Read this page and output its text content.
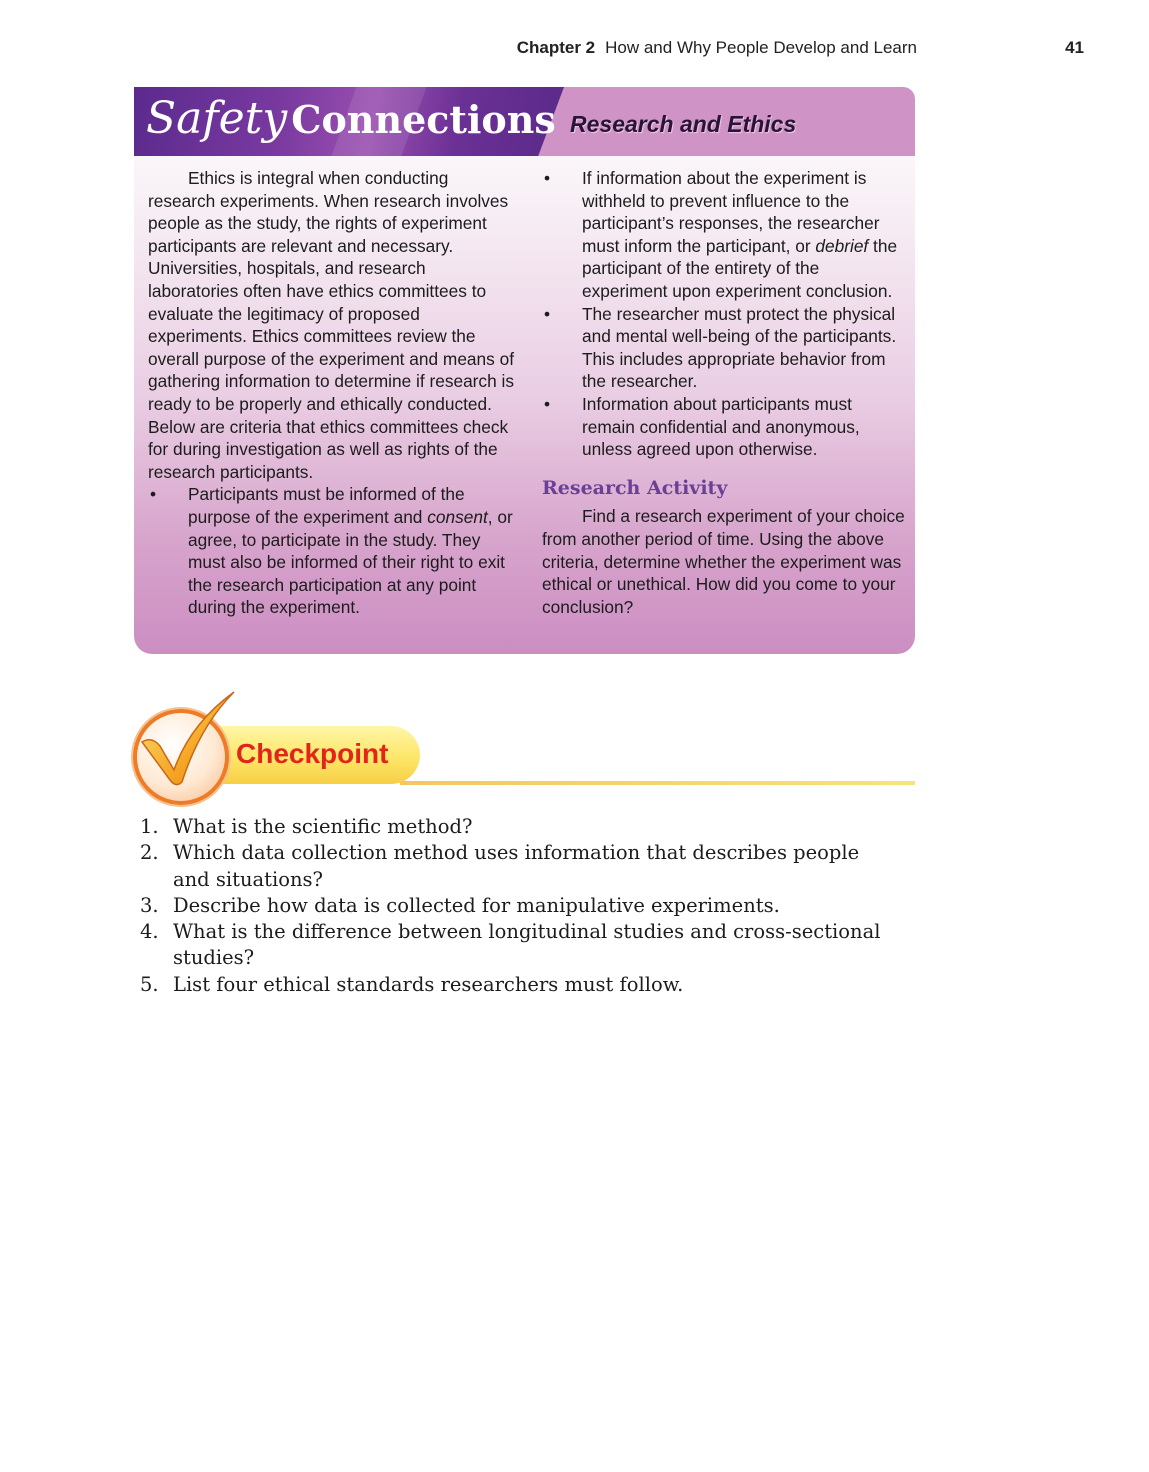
Chapter 2 How and Why People Develop and Learn	41
Safety Connections Research and Ethics

Ethics is integral when conducting research experiments. When research involves people as the study, the rights of experiment participants are relevant and necessary. Universities, hospitals, and research laboratories often have ethics committees to evaluate the legitimacy of proposed experiments. Ethics committees review the overall purpose of the experiment and means of gathering information to determine if research is ready to be properly and ethically conducted. Below are criteria that ethics committees check for during investigation as well as rights of the research participants.

• Participants must be informed of the purpose of the experiment and consent, or agree, to participate in the study. They must also be informed of their right to exit the research participation at any point during the experiment.
• If information about the experiment is withheld to prevent influence to the participant’s responses, the researcher must inform the participant, or debrief the participant of the entirety of the experiment upon experiment conclusion.
• The researcher must protect the physical and mental well-being of the participants. This includes appropriate behavior from the researcher.
• Information about participants must remain confidential and anonymous, unless agreed upon otherwise.
Research Activity

Find a research experiment of your choice from another period of time. Using the above criteria, determine whether the experiment was ethical or unethical. How did you come to your conclusion?

Checkpoint
1. What is the scientific method?
2. Which data collection method uses information that describes people and situations?
3. Describe how data is collected for manipulative experiments.
4. What is the difference between longitudinal studies and cross-sectional studies?
5. List four ethical standards researchers must follow.
